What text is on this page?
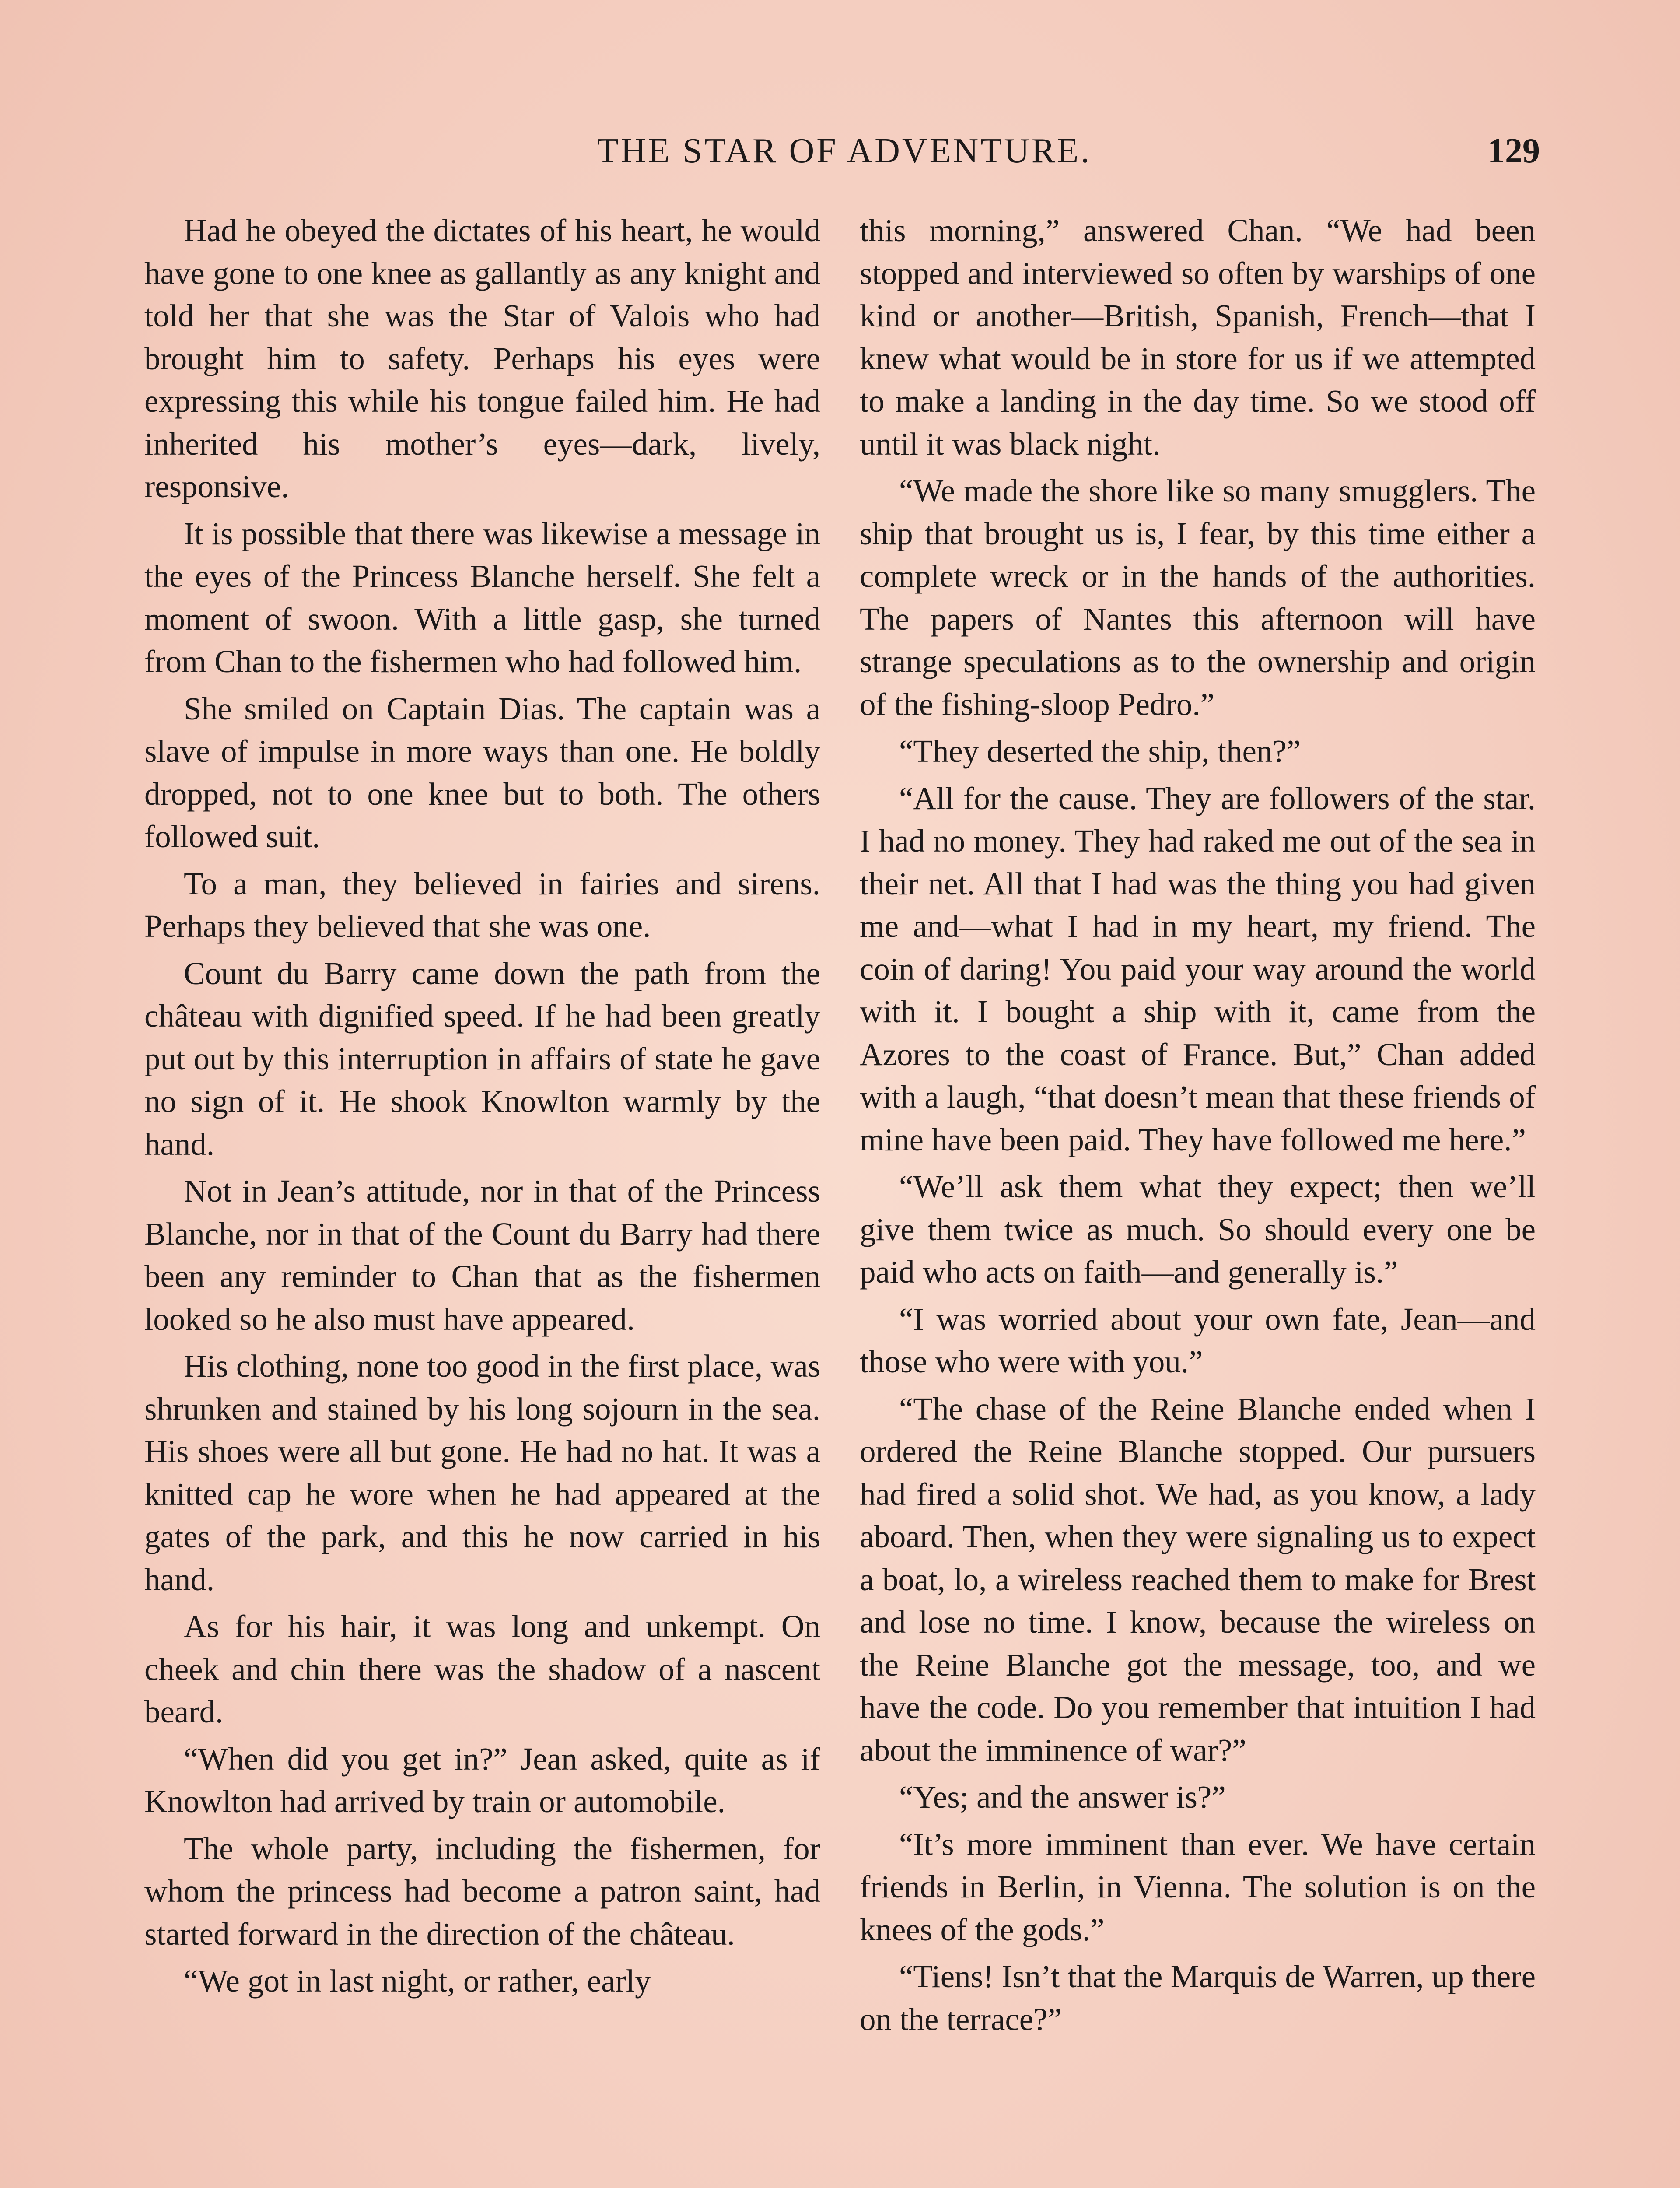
THE STAR OF ADVENTURE.	129

Had he obeyed the dictates of his heart, he would have gone to one knee as gallantly as any knight and told her that she was the Star of Valois who had brought him to safety. Perhaps his eyes were expressing this while his tongue failed him. He had inherited his mother’s eyes—dark, lively, responsive.

It is possible that there was likewise a message in the eyes of the Princess Blanche herself. She felt a moment of swoon. With a little gasp, she turned from Chan to the fishermen who had followed him.

She smiled on Captain Dias. The captain was a slave of impulse in more ways than one. He boldly dropped, not to one knee but to both. The others followed suit.

To a man, they believed in fairies and sirens. Perhaps they believed that she was one.

Count du Barry came down the path from the château with dignified speed. If he had been greatly put out by this interruption in affairs of state he gave no sign of it. He shook Knowlton warmly by the hand.

Not in Jean’s attitude, nor in that of the Princess Blanche, nor in that of the Count du Barry had there been any reminder to Chan that as the fishermen looked so he also must have appeared.

His clothing, none too good in the first place, was shrunken and stained by his long sojourn in the sea. His shoes were all but gone. He had no hat. It was a knitted cap he wore when he had appeared at the gates of the park, and this he now carried in his hand.

As for his hair, it was long and unkempt. On cheek and chin there was the shadow of a nascent beard.

“When did you get in?” Jean asked, quite as if Knowlton had arrived by train or automobile.

The whole party, including the fishermen, for whom the princess had become a patron saint, had started forward in the direction of the château.

“We got in last night, or rather, early

this morning,” answered Chan. “We had been stopped and interviewed so often by warships of one kind or another—British, Spanish, French—that I knew what would be in store for us if we attempted to make a landing in the day time. So we stood off until it was black night.

“We made the shore like so many smugglers. The ship that brought us is, I fear, by this time either a complete wreck or in the hands of the authorities. The papers of Nantes this afternoon will have strange speculations as to the ownership and origin of the fishing-sloop Pedro.”

“They deserted the ship, then?”

“All for the cause. They are followers of the star. I had no money. They had raked me out of the sea in their net. All that I had was the thing you had given me and—what I had in my heart, my friend. The coin of daring! You paid your way around the world with it. I bought a ship with it, came from the Azores to the coast of France. But,” Chan added with a laugh, “that doesn’t mean that these friends of mine have been paid. They have followed me here.”

“We’ll ask them what they expect; then we’ll give them twice as much. So should every one be paid who acts on faith—and generally is.”

“I was worried about your own fate, Jean—and those who were with you.”

“The chase of the Reine Blanche ended when I ordered the Reine Blanche stopped. Our pursuers had fired a solid shot. We had, as you know, a lady aboard. Then, when they were signaling us to expect a boat, lo, a wireless reached them to make for Brest and lose no time. I know, because the wireless on the Reine Blanche got the message, too, and we have the code. Do you remember that intuition I had about the imminence of war?”

“Yes; and the answer is?”

“It’s more imminent than ever. We have certain friends in Berlin, in Vienna. The solution is on the knees of the gods.”

“Tiens! Isn’t that the Marquis de Warren, up there on the terrace?”
